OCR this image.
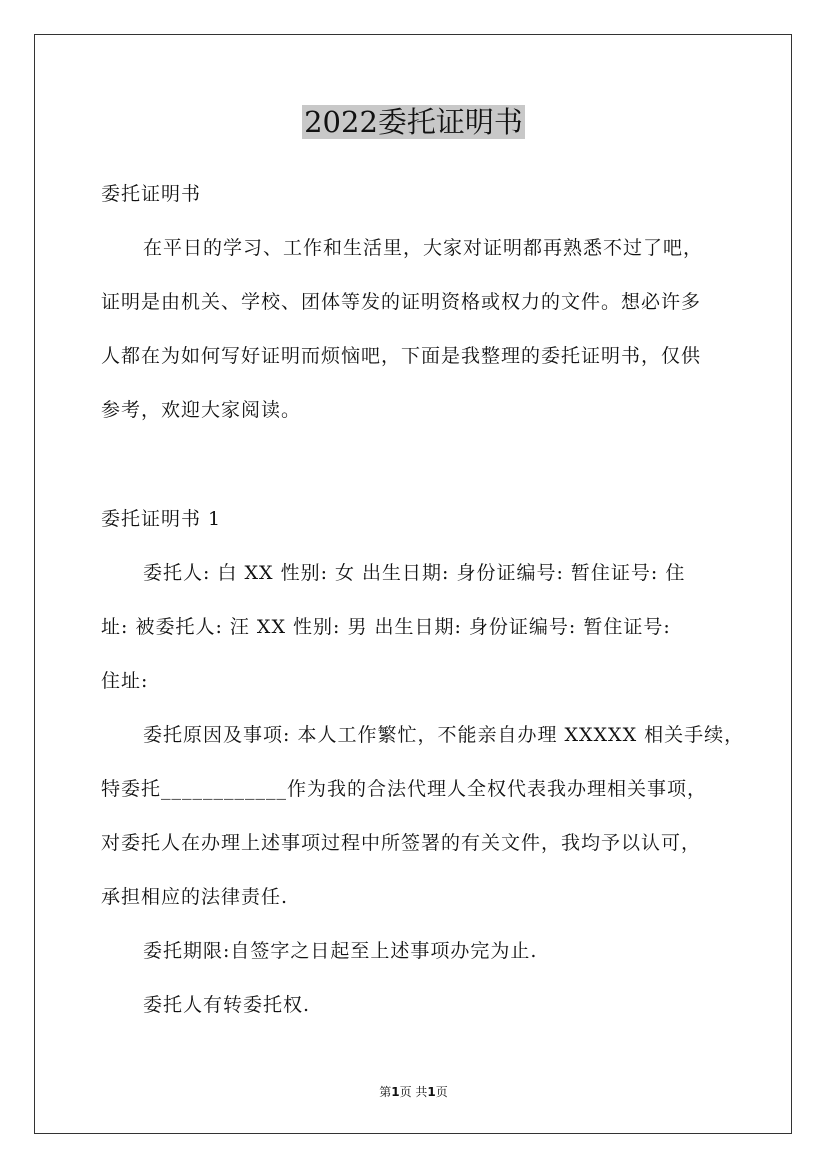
2022委托证明书
委托证明书
在平日的学习、工作和生活里，大家对证明都再熟悉不过了吧，
证明是由机关、学校、团体等发的证明资格或权力的文件。想必许多
人都在为如何写好证明而烦恼吧，下面是我整理的委托证明书，仅供
参考，欢迎大家阅读。
委托证明书 1
委托人: 白 XX 性别: 女 出生日期: 身份证编号: 暂住证号: 住
址: 被委托人: 汪 XX 性别: 男 出生日期: 身份证编号: 暂住证号:
住址:
委托原因及事项: 本人工作繁忙，不能亲自办理 XXXXX 相关手续，
特委托____________作为我的合法代理人全权代表我办理相关事项，
对委托人在办理上述事项过程中所签署的有关文件，我均予以认可，
承担相应的法律责任.
委托期限:自签字之日起至上述事项办完为止.
委托人有转委托权.
第1页 共1页
